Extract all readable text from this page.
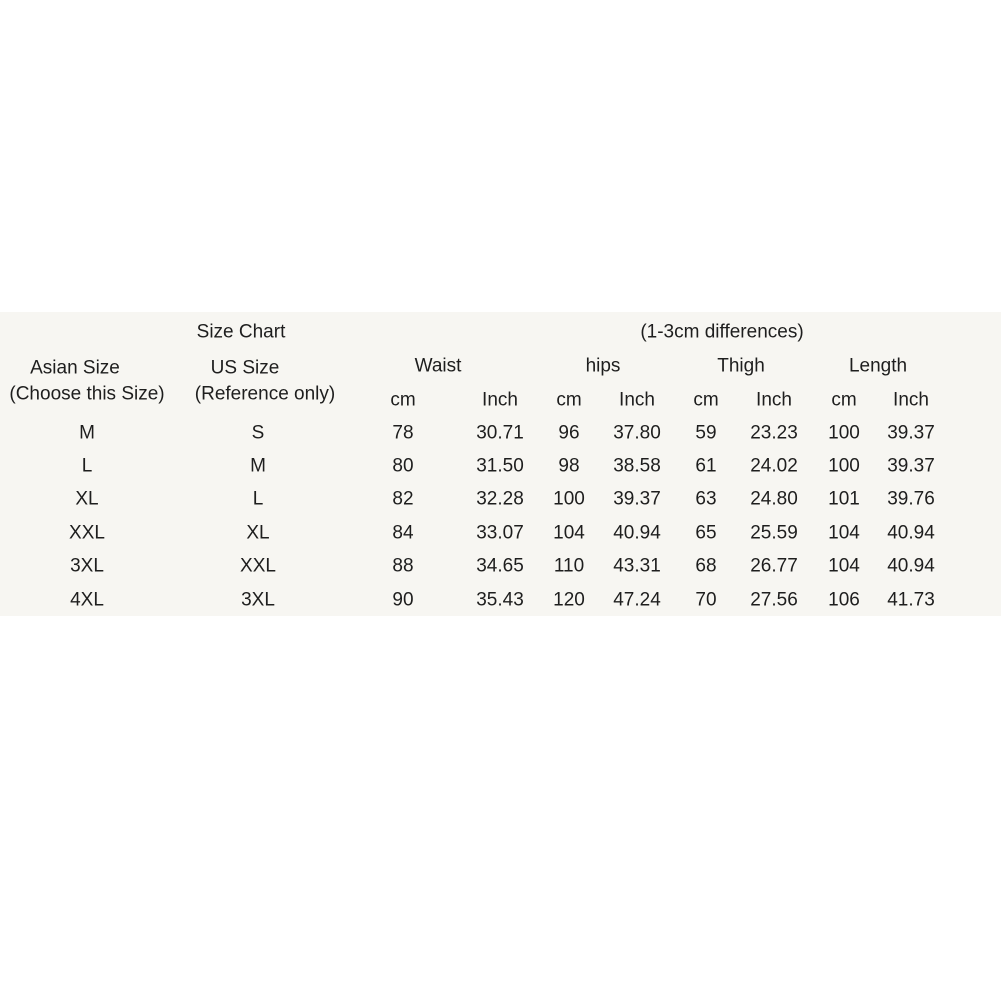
Size Chart	(1-3cm differences)
Asian Size
(Choose this Size)
US Size
(Reference only)
Waist	hips	Thigh	Length
cm	Inch cm Inch cm Inch cm Inch
M	S	78	30.71 96 37.80 59 23.23 100 39.37
L	M	80	31.50 98 38.58 61 24.02 100 39.37
XL	L	82	32.28 100 39.37 63 24.80 101 39.76
XXL	XL	84	33.07 104 40.94 65 25.59 104 40.94
3XL	XXL	88	34.65 110 43.31 68 26.77 104 40.94
4XL	3XL	90	35.43 120 47.24 70 27.56 106 41.73
